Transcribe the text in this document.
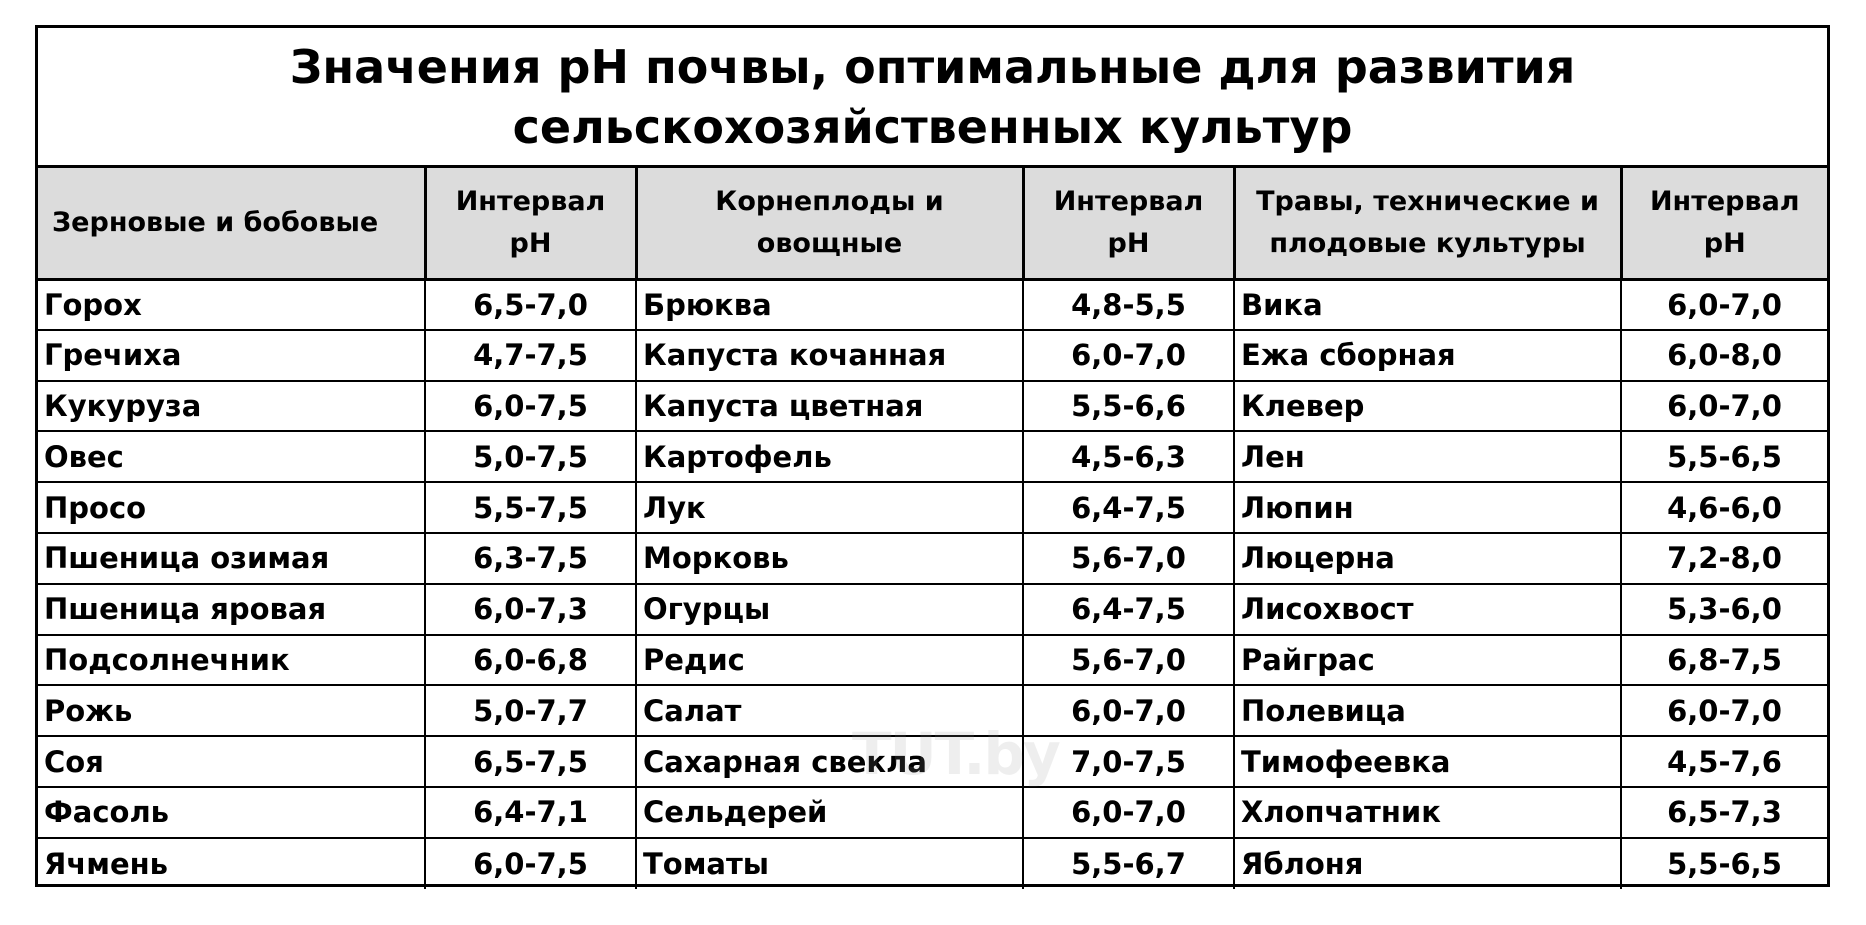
Значения pH почвы, оптимальные для развития
сельскохозяйственных культур
Зерновые и бобовые	Интервал pH	Корнеплоды и овощные	Интервал pH	Травы, технические и плодовые культуры	Интервал pH
Горох	6,5-7,0	Брюква	4,8-5,5	Вика	6,0-7,0
Гречиха	4,7-7,5	Капуста кочанная	6,0-7,0	Ежа сборная	6,0-8,0
Кукуруза	6,0-7,5	Капуста цветная	5,5-6,6	Клевер	6,0-7,0
Овес	5,0-7,5	Картофель	4,5-6,3	Лен	5,5-6,5
Просо	5,5-7,5	Лук	6,4-7,5	Люпин	4,6-6,0
Пшеница озимая	6,3-7,5	Морковь	5,6-7,0	Люцерна	7,2-8,0
Пшеница яровая	6,0-7,3	Огурцы	6,4-7,5	Лисохвост	5,3-6,0
Подсолнечник	6,0-6,8	Редис	5,6-7,0	Райграс	6,8-7,5
Рожь	5,0-7,7	Салат	6,0-7,0	Полевица	6,0-7,0
Соя	6,5-7,5	Сахарная свекла	7,0-7,5	Тимофеевка	4,5-7,6
Фасоль	6,4-7,1	Сельдерей	6,0-7,0	Хлопчатник	6,5-7,3
Ячмень	6,0-7,5	Томаты	5,5-6,7	Яблоня	5,5-6,5
